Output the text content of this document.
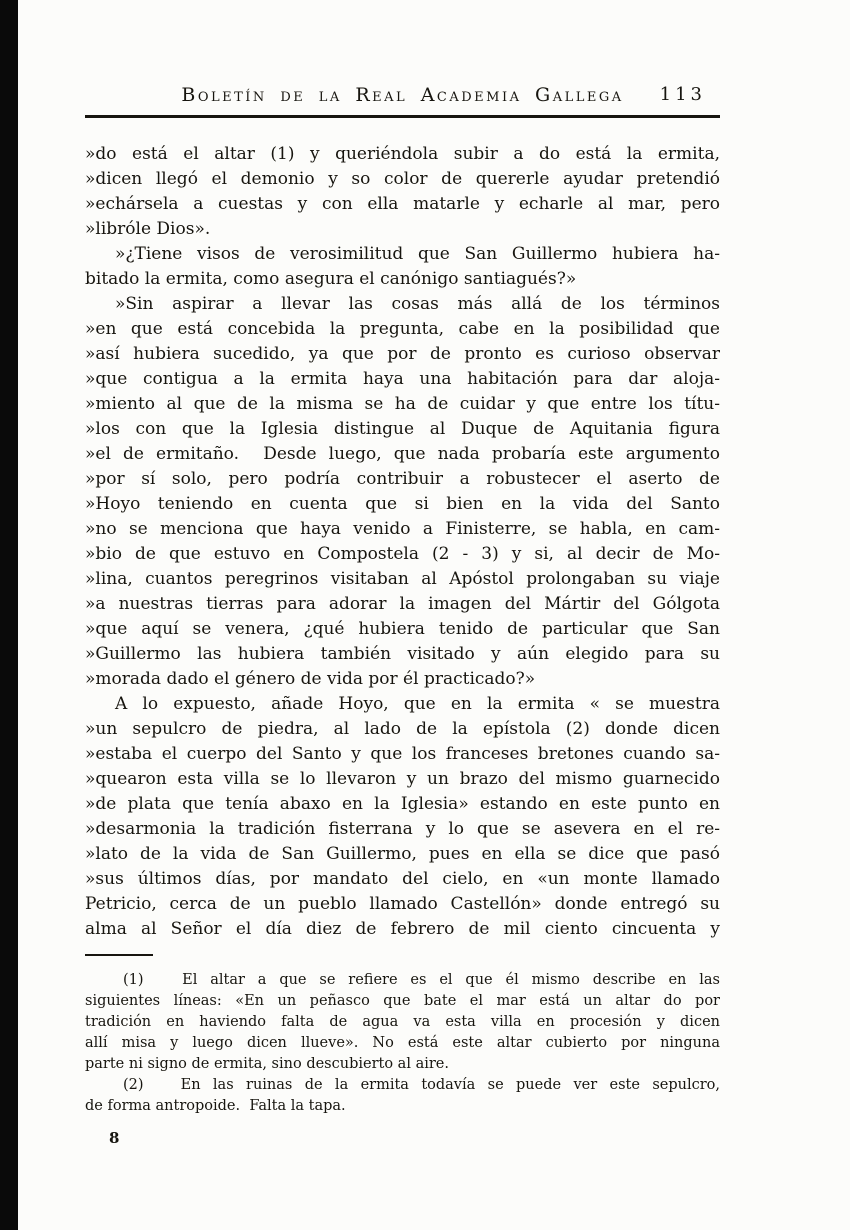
Boletín de la Real Academia Gallega	113
»do está el altar (1) y queriéndola subir a do está la ermita,
»dicen llegó el demonio y so color de quererle ayudar pretendió
»echársela a cuestas y con ella matarle y echarle al mar, pero
»libróle Dios».
»¿Tiene visos de verosimilitud que San Guillermo hubiera ha-
bitado la ermita, como asegura el canónigo santiagués?»
»Sin aspirar a llevar las cosas más allá de los términos
»en que está concebida la pregunta, cabe en la posibilidad que
»así hubiera sucedido, ya que por de pronto es curioso observar
»que contigua a la ermita haya una habitación para dar aloja-
»miento al que de la misma se ha de cuidar y que entre los títu-
»los con que la Iglesia distingue al Duque de Aquitania figura
»el de ermitaño.  Desde luego, que nada probaría este argumento
»por sí solo, pero podría contribuir a robustecer el aserto de
»Hoyo teniendo en cuenta que si bien en la vida del Santo
»no se menciona que haya venido a Finisterre, se habla, en cam-
»bio de que estuvo en Compostela (2 - 3) y si, al decir de Mo-
»lina, cuantos peregrinos visitaban al Apóstol prolongaban su viaje
»a nuestras tierras para adorar la imagen del Mártir del Gólgota
»que aquí se venera, ¿qué hubiera tenido de particular que San
»Guillermo las hubiera también visitado y aún elegido para su
»morada dado el género de vida por él practicado?»
A lo expuesto, añade Hoyo, que en la ermita « se muestra
»un sepulcro de piedra, al lado de la epístola (2) donde dicen
»estaba el cuerpo del Santo y que los franceses bretones cuando sa-
»quearon esta villa se lo llevaron y un brazo del mismo guarnecido
»de plata que tenía abaxo en la Iglesia» estando en este punto en
»desarmonia la tradición fisterrana y lo que se asevera en el re-
»lato de la vida de San Guillermo, pues en ella se dice que pasó
»sus últimos días, por mandato del cielo, en «un monte llamado
Petricio, cerca de un pueblo llamado Castellón» donde entregó su
alma al Señor el día diez de febrero de mil ciento cincuenta y
(1)   El altar a que se refiere es el que él mismo describe en las
siguientes líneas: «En un peñasco que bate el mar está un altar do por
tradición en haviendo falta de agua va esta villa en procesión y dicen
allí misa y luego dicen llueve». No está este altar cubierto por ninguna
parte ni signo de ermita, sino descubierto al aire.
(2)   En las ruinas de la ermita todavía se puede ver este sepulcro,
de forma antropoide.  Falta la tapa.
8
